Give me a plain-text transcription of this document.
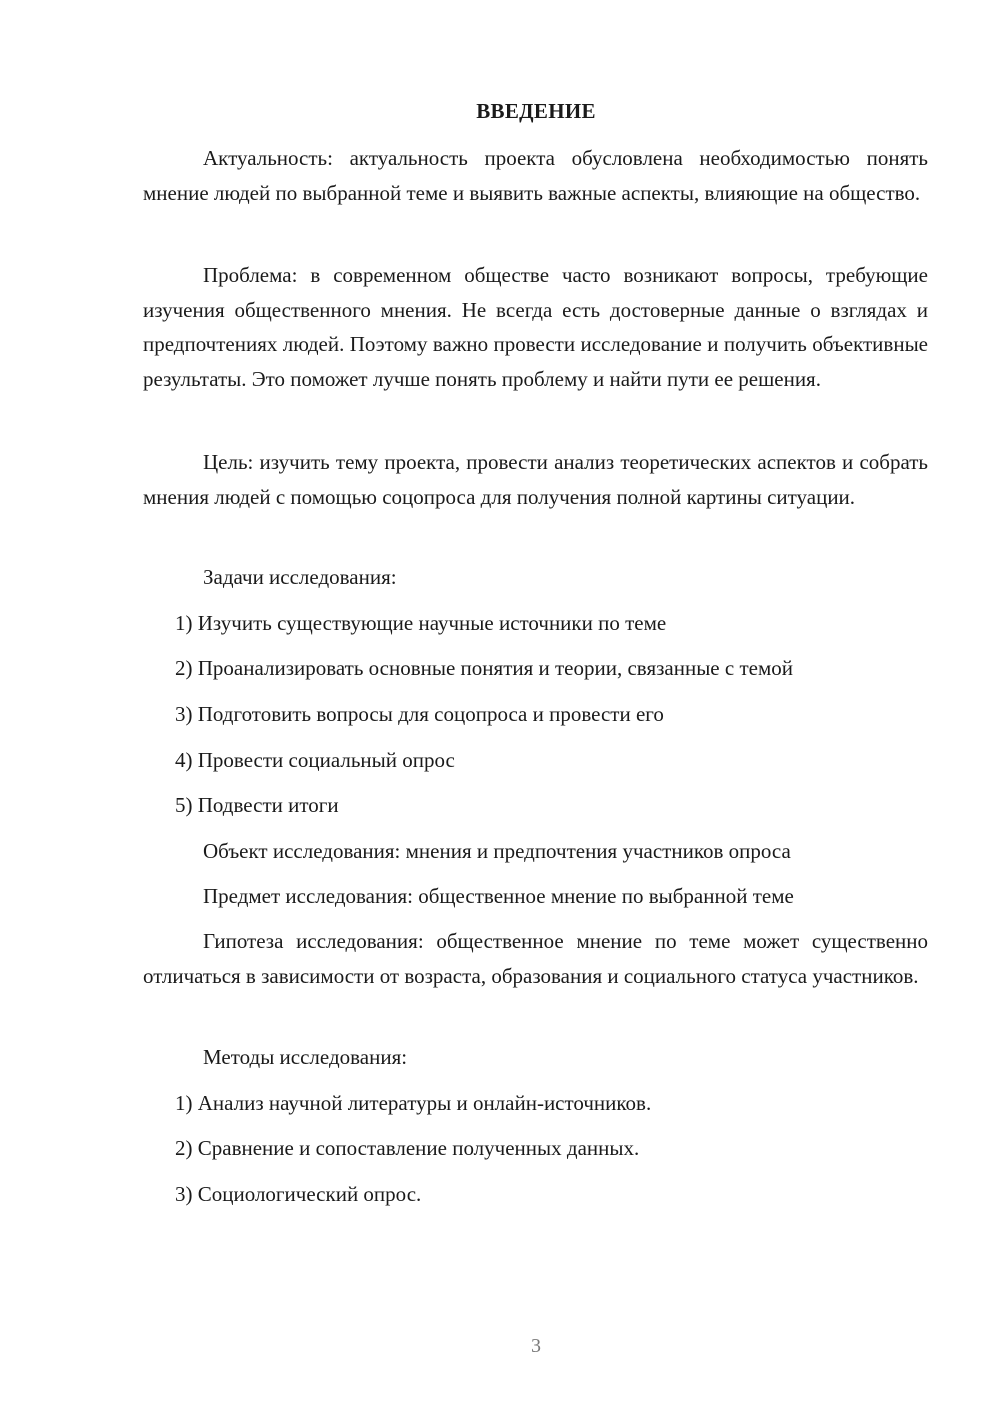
ВВЕДЕНИЕ

Актуальность: актуальность проекта обусловлена необходимостью понять мнение людей по выбранной теме и выявить важные аспекты, влияющие на общество.

Проблема: в современном обществе часто возникают вопросы, требующие изучения общественного мнения. Не всегда есть достоверные данные о взглядах и предпочтениях людей. Поэтому важно провести исследование и получить объективные результаты. Это поможет лучше понять проблему и найти пути ее решения.

Цель: изучить тему проекта, провести анализ теоретических аспектов и собрать мнения людей с помощью соцопроса для получения полной картины ситуации.

Задачи исследования:

1) Изучить существующие научные источники по теме

2) Проанализировать основные понятия и теории, связанные с темой

3) Подготовить вопросы для соцопроса и провести его

4) Провести социальный опрос

5) Подвести итоги

Объект исследования: мнения и предпочтения участников опроса

Предмет исследования: общественное мнение по выбранной теме

Гипотеза исследования: общественное мнение по теме может существенно отличаться в зависимости от возраста, образования и социального статуса участников.

Методы исследования:

1) Анализ научной литературы и онлайн-источников.

2) Сравнение и сопоставление полученных данных.

3) Социологический опрос.

3
